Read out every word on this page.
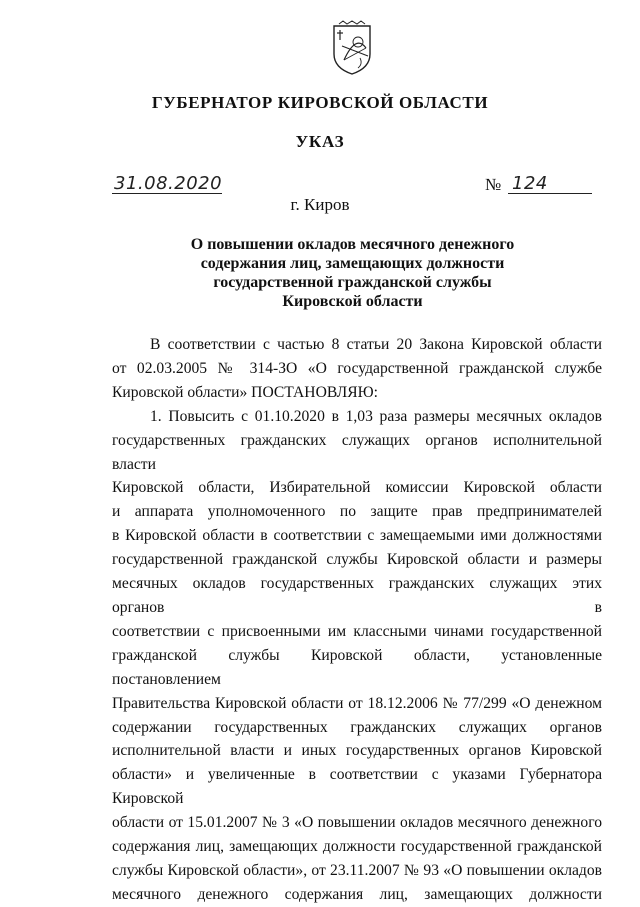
ГУБЕРНАТОР КИРОВСКОЙ ОБЛАСТИ
УКАЗ
31.08.2020	№ 124
г. Киров
О повышении окладов месячного денежного
содержания лиц, замещающих должности
государственной гражданской службы
Кировской области
В соответствии с частью 8 статьи 20 Закона Кировской области
от 02.03.2005 № 314-ЗО «О государственной гражданской службе
Кировской области» ПОСТАНОВЛЯЮ:
1. Повысить с 01.10.2020 в 1,03 раза размеры месячных окладов
государственных гражданских служащих органов исполнительной власти
Кировской области, Избирательной комиссии Кировской области
и аппарата уполномоченного по защите прав предпринимателей
в Кировской области в соответствии с замещаемыми ими должностями
государственной гражданской службы Кировской области и размеры
месячных окладов государственных гражданских служащих этих органов в
соответствии с присвоенными им классными чинами государственной
гражданской службы Кировской области, установленные постановлением
Правительства Кировской области от 18.12.2006 № 77/299 «О денежном
содержании государственных гражданских служащих органов
исполнительной власти и иных государственных органов Кировской
области» и увеличенные в соответствии с указами Губернатора Кировской
области от 15.01.2007 № 3 «О повышении окладов месячного денежного
содержания лиц, замещающих должности государственной гражданской
службы Кировской области», от 23.11.2007 № 93 «О повышении окладов
месячного денежного содержания лиц, замещающих должности
